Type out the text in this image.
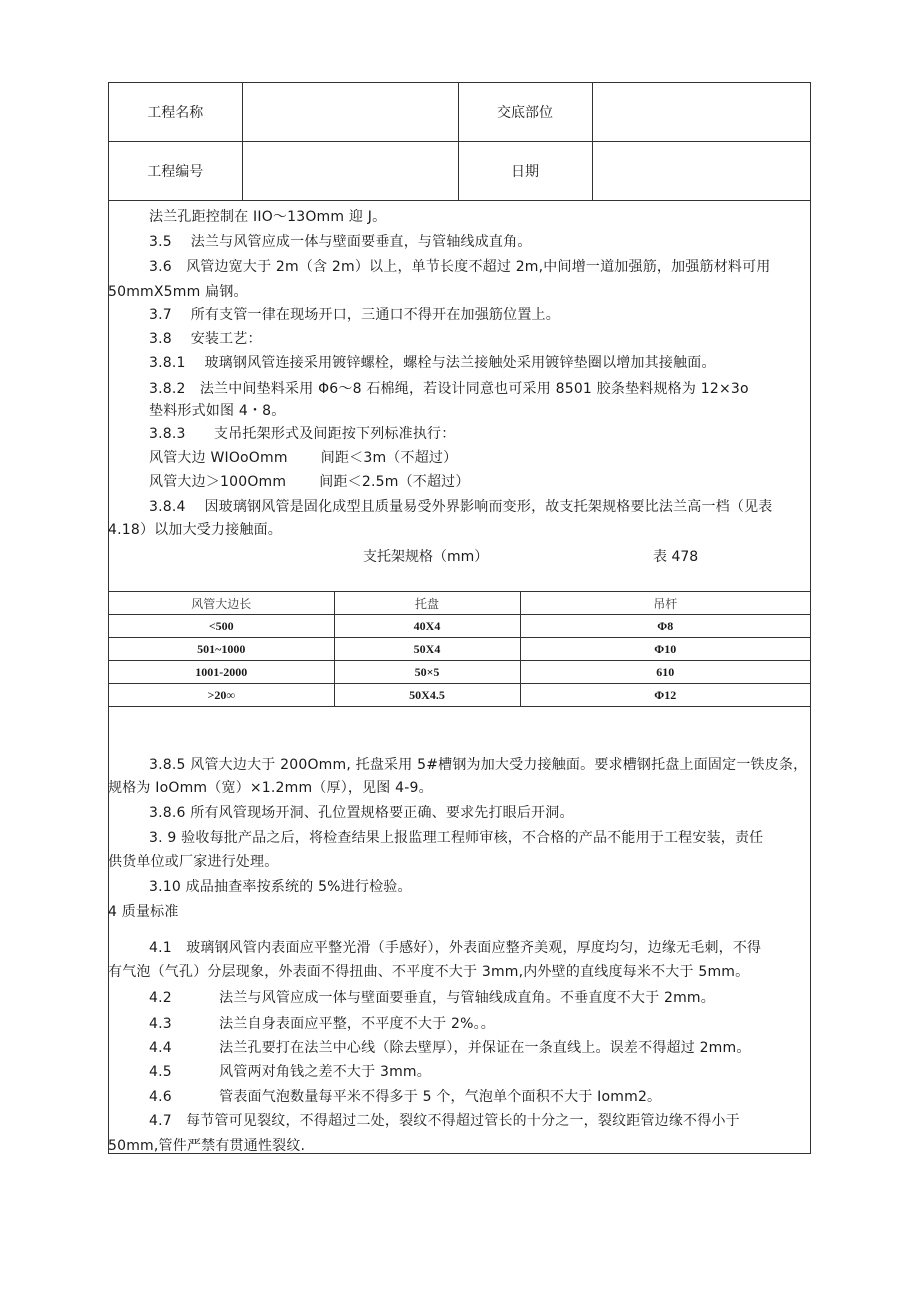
工程名称		交底部位	
工程编号		日期	
法兰孔距控制在 IIO～13Omm 迎 J。
3.5　 法兰与风管应成一体与壁面要垂直，与管轴线成直角。
3.6　风管边宽大于 2m（含 2m）以上，单节长度不超过 2m,中间增一道加强筋，加强筋材料可用
50mmX5mm 扁钢。
3.7　 所有支管一律在现场开口，三通口不得开在加强筋位置上。
3.8　 安装工艺：
3.8.1　 玻璃钢风管连接采用镀锌螺栓，螺栓与法兰接触处采用镀锌垫圈以增加其接触面。
3.8.2　法兰中间垫料采用 Φ6～8 石棉绳，若设计同意也可采用 8501 胶条垫料规格为 12×3o
垫料形式如图 4・8。
3.8.3　　支吊托架形式及间距按下列标准执行：
风管大边 WIOoOmm　　 间距＜3m（不超过）
风管大边＞100Omm　　 间距＜2.5m（不超过）
3.8.4　 因玻璃钢风管是固化成型且质量易受外界影响而变形，故支托架规格要比法兰高一档（见表
4.18）以加大受力接触面。
支托架规格（mm）	表 478
风管大边长	托盘	吊杆
<500	40X4	Φ8
501~1000	50X4	Φ10
1001-2000	50×5	610
>20∞	50X4.5	Φ12
3.8.5 风管大边大于 200Omm, 托盘采用 5#槽钢为加大受力接触面。要求槽钢托盘上面固定一铁皮条，
规格为 IoOmm（宽）×1.2mm（厚），见图 4-9。
3.8.6 所有风管现场开洞、孔位置规格要正确、要求先打眼后开洞。
3. 9 验收每批产品之后，将检查结果上报监理工程师审核，不合格的产品不能用于工程安装，责任
供货单位或厂家进行处理。
3.10 成品抽查率按系统的 5%进行检验。
4 质量标准
4.1　玻璃钢风管内表面应平整光滑（手感好），外表面应整齐美观，厚度均匀，边缘无毛刺，不得
有气泡（气孔）分层现象，外表面不得扭曲、不平度不大于 3mm,内外壁的直线度每米不大于 5mm。
4.2　　　 法兰与风管应成一体与壁面要垂直，与管轴线成直角。不垂直度不大于 2mm。
4.3　　　 法兰自身表面应平整，不平度不大于 2%。。
4.4　　　 法兰孔要打在法兰中心线（除去壁厚），并保证在一条直线上。误差不得超过 2mm。
4.5　　　 风管两对角钱之差不大于 3mm。
4.6　　　 管表面气泡数量每平米不得多于 5 个，气泡单个面积不大于 Iomm2。
4.7　每节管可见裂纹，不得超过二处，裂纹不得超过管长的十分之一，裂纹距管边缘不得小于
50mm,管件严禁有贯通性裂纹.
